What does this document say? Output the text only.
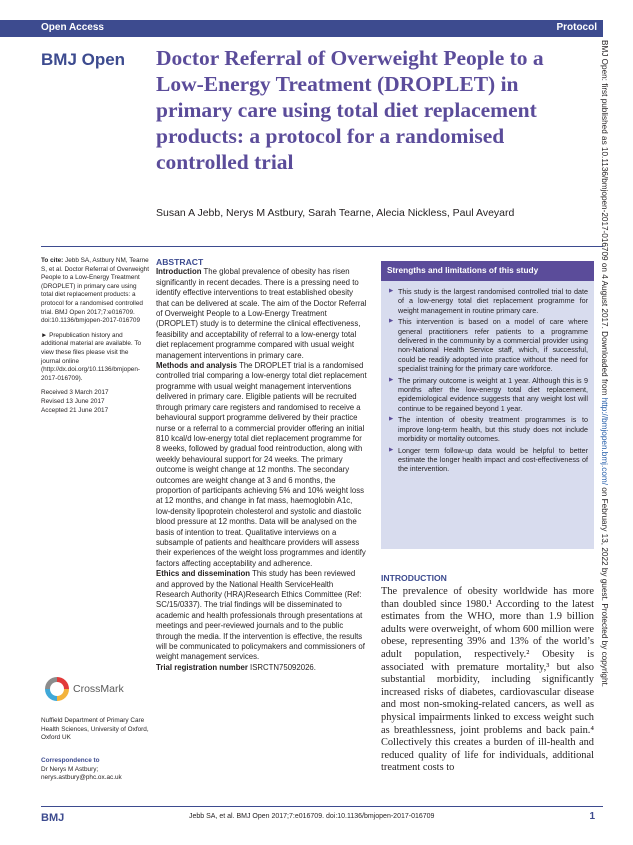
Open Access	Protocol
BMJ Open Doctor Referral of Overweight People to a Low-Energy Treatment (DROPLET) in primary care using total diet replacement products: a protocol for a randomised controlled trial
Susan A Jebb, Nerys M Astbury, Sarah Tearne, Alecia Nickless, Paul Aveyard

To cite: Jebb SA, Astbury NM, Tearne S, et al. Doctor Referral of Overweight People to a Low-Energy Treatment (DROPLET) in primary care using total diet replacement products: a protocol for a randomised controlled trial. BMJ Open 2017;7:e016709. doi:10.1136/bmjopen-2017-016709

► Prepublication history and additional material are available. To view these files please visit the journal online (http://dx.doi.org/10.1136/bmjopen-2017-016709).

Received 3 March 2017

Revised 13 June 2017

Accepted 21 June 2017

CrossMark
Nuffield Department of Primary Care Health Sciences, University of Oxford, Oxford UK
Correspondence to
Dr Nerys M Astbury; nerys.astbury@phc.ox.ac.uk
ABSTRACT

Introduction The global prevalence of obesity has risen significantly in recent decades. There is a pressing need to identify effective interventions to treat established obesity that can be delivered at scale. The aim of the Doctor Referral of Overweight People to a Low-Energy Treatment (DROPLET) study is to determine the clinical effectiveness, feasibility and acceptability of referral to a low-energy total diet replacement programme compared with usual weight management interventions in primary care.

Methods and analysis The DROPLET trial is a randomised controlled trial comparing a low-energy total diet replacement programme with usual weight management interventions delivered in primary care. Eligible patients will be recruited through primary care registers and randomised to receive a behavioural support programme delivered by their practice nurse or a referral to a commercial provider offering an initial 810 kcal/d low-energy total diet replacement programme for 8 weeks, followed by gradual food reintroduction, along with weekly behavioural support for 24 weeks. The primary outcome is weight change at 12 months. The secondary outcomes are weight change at 3 and 6 months, the proportion of participants achieving 5% and 10% weight loss at 12 months, and change in fat mass, haemoglobin A1c, low-density lipoprotein cholesterol and systolic and diastolic blood pressure at 12 months. Data will be analysed on the basis of intention to treat. Qualitative interviews on a subsample of patients and healthcare providers will assess their experiences of the weight loss programmes and identify factors affecting acceptability and adherence.

Ethics and dissemination This study has been reviewed and approved by the National Health ServiceHealth Research Authority (HRA)Research Ethics Committee (Ref: SC/15/0337). The trial findings will be disseminated to academic and health professionals through presentations at meetings and peer-reviewed journals and to the public through the media. If the intervention is effective, the results will be communicated to policymakers and commissioners of weight management services.

Trial registration number ISRCTN75092026.

Strengths and limitations of this study
▶ This study is the largest randomised controlled trial to date of a low-energy total diet replacement programme for weight management in routine primary care.
▶ This intervention is based on a model of care where general practitioners refer patients to a programme delivered in the community by a commercial provider using non-National Health Service staff, which, if successful, could be readily adopted into practice without the need for specialist training for the primary care workforce.
▶ The primary outcome is weight at 1 year. Although this is 9 months after the low-energy total diet replacement, epidemiological evidence suggests that any weight lost will continue to be regained beyond 1 year.
▶ The intention of obesity treatment programmes is to improve long-term health, but this study does not include morbidity or mortality outcomes.
▶ Longer term follow-up data would be helpful to better estimate the longer health impact and cost-effectiveness of the intervention.
INTRODUCTION

The prevalence of obesity worldwide has more than doubled since 1980.¹ According to the latest estimates from the WHO, more than 1.9 billion adults were overweight, of whom 600 million were obese, representing 39% and 13% of the world’s adult population, respectively.² Obesity is associated with premature mortality,³ but also substantial morbidity, including significantly increased risks of diabetes, cardiovascular disease and most non-smoking-related cancers, as well as physical impairments linked to excess weight such as breathlessness, joint problems and back pain.⁴ Collectively this creates a burden of ill-health and reduced quality of life for individuals, additional treatment costs to

BMJ	Jebb SA, et al. BMJ Open 2017;7:e016709. doi:10.1136/bmjopen-2017-016709	1
BMJ Open: first published as 10.1136/bmjopen-2017-016709 on 4 August 2017. Downloaded from http://bmjopen.bmj.com/ on February 13, 2022 by guest. Protected by copyright.
